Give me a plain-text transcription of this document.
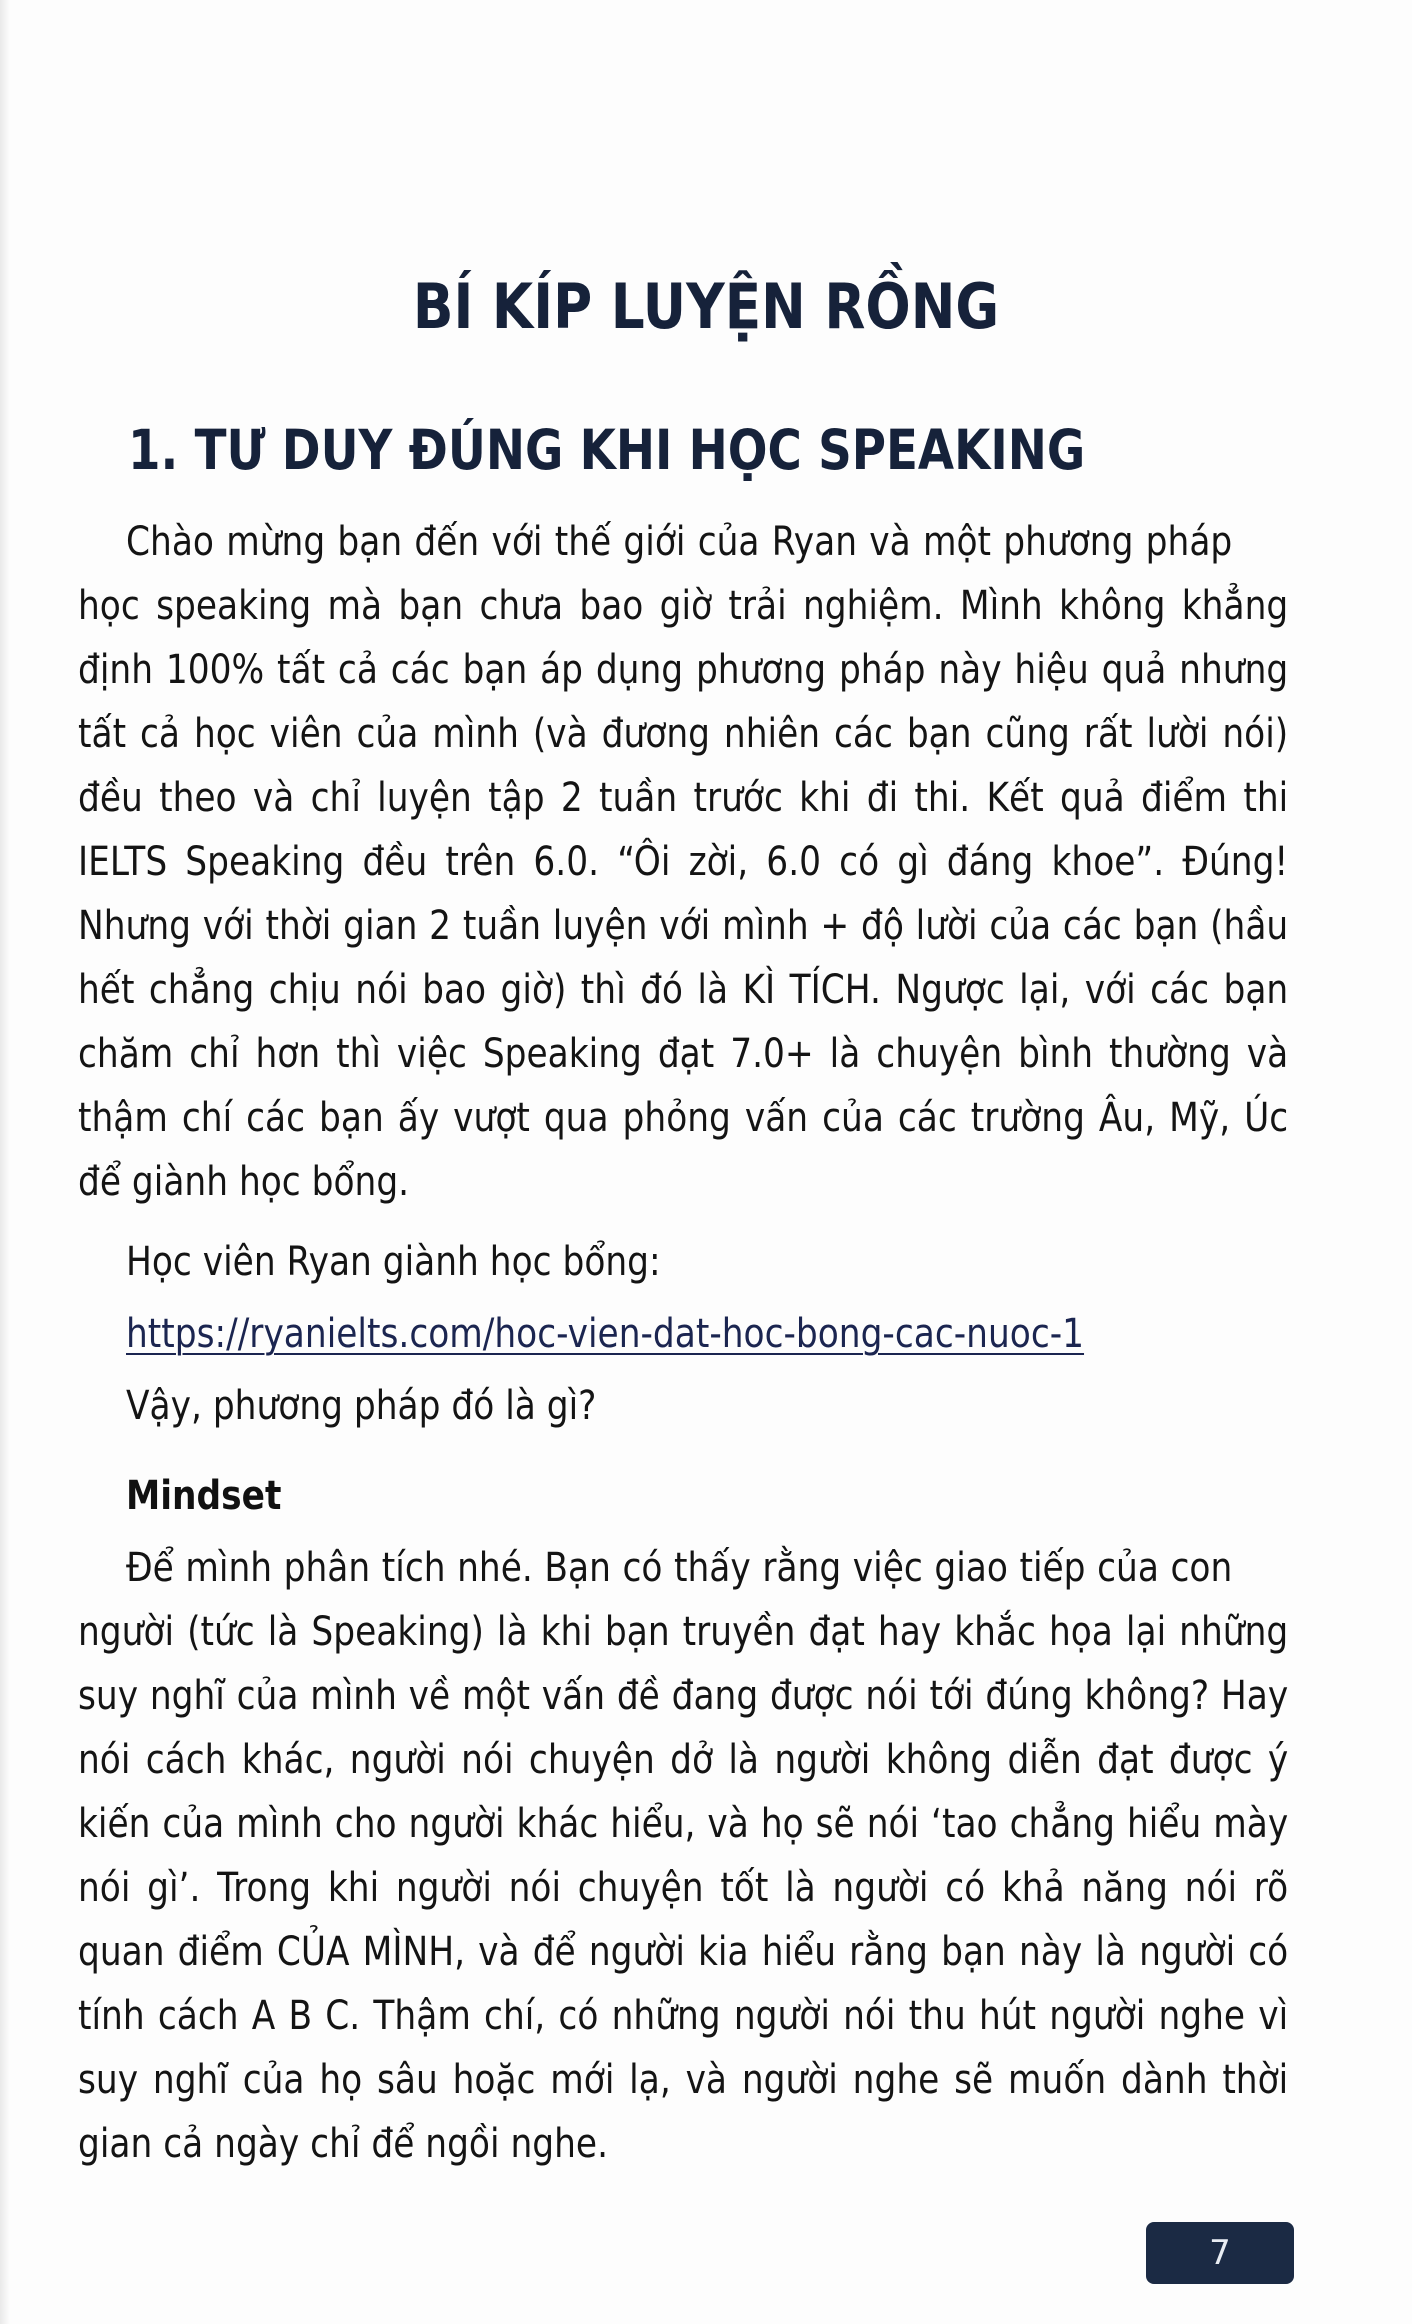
BÍ KÍP LUYỆN RỒNG
1. TƯ DUY ĐÚNG KHI HỌC SPEAKING
Chào mừng bạn đến với thế giới của Ryan và một phương pháp
học speaking mà bạn chưa bao giờ trải nghiệm. Mình không khẳng
định 100% tất cả các bạn áp dụng phương pháp này hiệu quả nhưng
tất cả học viên của mình (và đương nhiên các bạn cũng rất lười nói)
đều theo và chỉ luyện tập 2 tuần trước khi đi thi. Kết quả điểm thi
IELTS Speaking đều trên 6.0. “Ôi zời, 6.0 có gì đáng khoe”. Đúng!
Nhưng với thời gian 2 tuần luyện với mình + độ lười của các bạn (hầu
hết chẳng chịu nói bao giờ) thì đó là KÌ TÍCH. Ngược lại, với các bạn
chăm chỉ hơn thì việc Speaking đạt 7.0+ là chuyện bình thường và
thậm chí các bạn ấy vượt qua phỏng vấn của các trường Âu, Mỹ, Úc
để giành học bổng.
Học viên Ryan giành học bổng:
https://ryanielts.com/hoc-vien-dat-hoc-bong-cac-nuoc-1
Vậy, phương pháp đó là gì?
Mindset
Để mình phân tích nhé. Bạn có thấy rằng việc giao tiếp của con
người (tức là Speaking) là khi bạn truyền đạt hay khắc họa lại những
suy nghĩ của mình về một vấn đề đang được nói tới đúng không? Hay
nói cách khác, người nói chuyện dở là người không diễn đạt được ý
kiến của mình cho người khác hiểu, và họ sẽ nói ‘tao chẳng hiểu mày
nói gì’. Trong khi người nói chuyện tốt là người có khả năng nói rõ
quan điểm CỦA MÌNH, và để người kia hiểu rằng bạn này là người có
tính cách A B C. Thậm chí, có những người nói thu hút người nghe vì
suy nghĩ của họ sâu hoặc mới lạ, và người nghe sẽ muốn dành thời
gian cả ngày chỉ để ngồi nghe.
7
